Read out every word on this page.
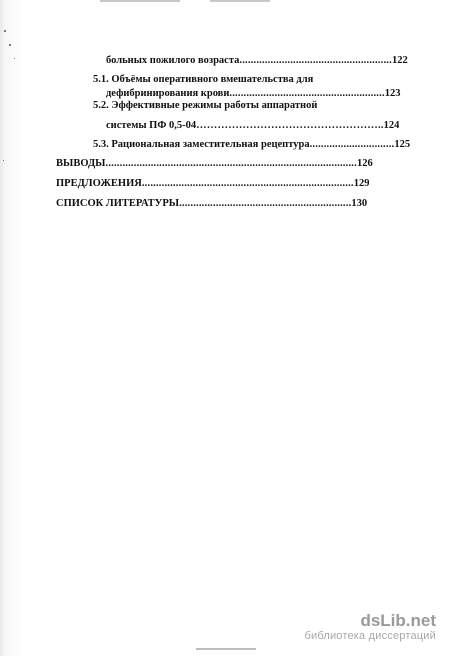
больных пожилого возраста......................................................122
5.1. Объёмы оперативного вмешательства для
дефибринирования крови.......................................................123
5.2. Эффективные режимы работы аппаратной
системы ПФ 0,5-04……………………………………………..124
5.3. Рациональная заместительная рецептура..............................125
ВЫВОДЫ.........................................................................................126
ПРЕДЛОЖЕНИЯ...........................................................................129
СПИСОК ЛИТЕРАТУРЫ.............................................................130
dsLib.net
библиотека диссертаций
